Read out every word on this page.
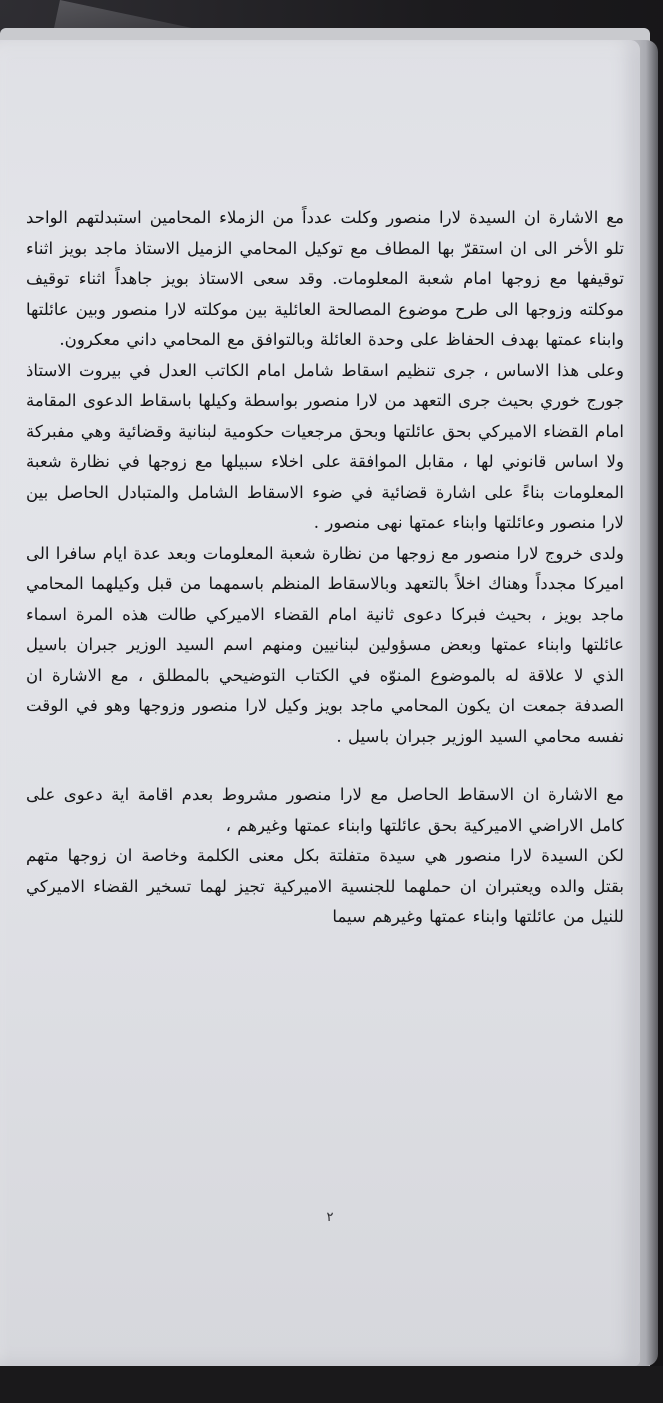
مع الاشارة ان السيدة لارا منصور وكلت عدداً من الزملاء المحامين استبدلتهم الواحد تلو الأخر الى ان استقرّ بها المطاف مع توكيل المحامي الزميل الاستاذ ماجد بويز اثناء توقيفها مع زوجها امام شعبة المعلومات. وقد سعى الاستاذ بويز جاهداً اثناء توقيف موكلته وزوجها الى طرح موضوع المصالحة العائلية بين موكلته لارا منصور وبين عائلتها وابناء عمتها بهدف الحفاظ على وحدة العائلة وبالتوافق مع المحامي داني معكرون.

وعلى هذا الاساس ، جرى تنظيم اسقاط شامل امام الكاتب العدل في بيروت الاستاذ جورج خوري بحيث جرى التعهد من لارا منصور بواسطة وكيلها باسقاط الدعوى المقامة امام القضاء الاميركي بحق عائلتها وبحق مرجعيات حكومية لبنانية وقضائية وهي مفبركة ولا اساس قانوني لها ، مقابل الموافقة على اخلاء سبيلها مع زوجها في نظارة شعبة المعلومات بناءً على اشارة قضائية في ضوء الاسقاط الشامل والمتبادل الحاصل بين لارا منصور وعائلتها وابناء عمتها نهى منصور .

ولدى خروج لارا منصور مع زوجها من نظارة شعبة المعلومات وبعد عدة ايام سافرا الى اميركا مجدداً وهناك اخلاً بالتعهد وبالاسقاط المنظم باسمهما من قبل وكيلهما المحامي ماجد بويز ، بحيث فبركا دعوى ثانية امام القضاء الاميركي طالت هذه المرة اسماء عائلتها وابناء عمتها وبعض مسؤولين لبنانيين ومنهم اسم السيد الوزير جبران باسيل الذي لا علاقة له بالموضوع المنوّه في الكتاب التوضيحي بالمطلق ، مع الاشارة ان الصدفة جمعت ان يكون المحامي ماجد بويز وكيل لارا منصور وزوجها وهو في الوقت نفسه محامي السيد الوزير جبران باسيل .

مع الاشارة ان الاسقاط الحاصل مع لارا منصور مشروط بعدم اقامة اية دعوى على كامل الاراضي الاميركية بحق عائلتها وابناء عمتها وغيرهم ،

لكن السيدة لارا منصور هي سيدة متفلتة بكل معنى الكلمة وخاصة ان زوجها متهم بقتل والده ويعتبران ان حملهما للجنسية الاميركية تجيز لهما تسخير القضاء الاميركي للنيل من عائلتها وابناء عمتها وغيرهم سيما

٢
